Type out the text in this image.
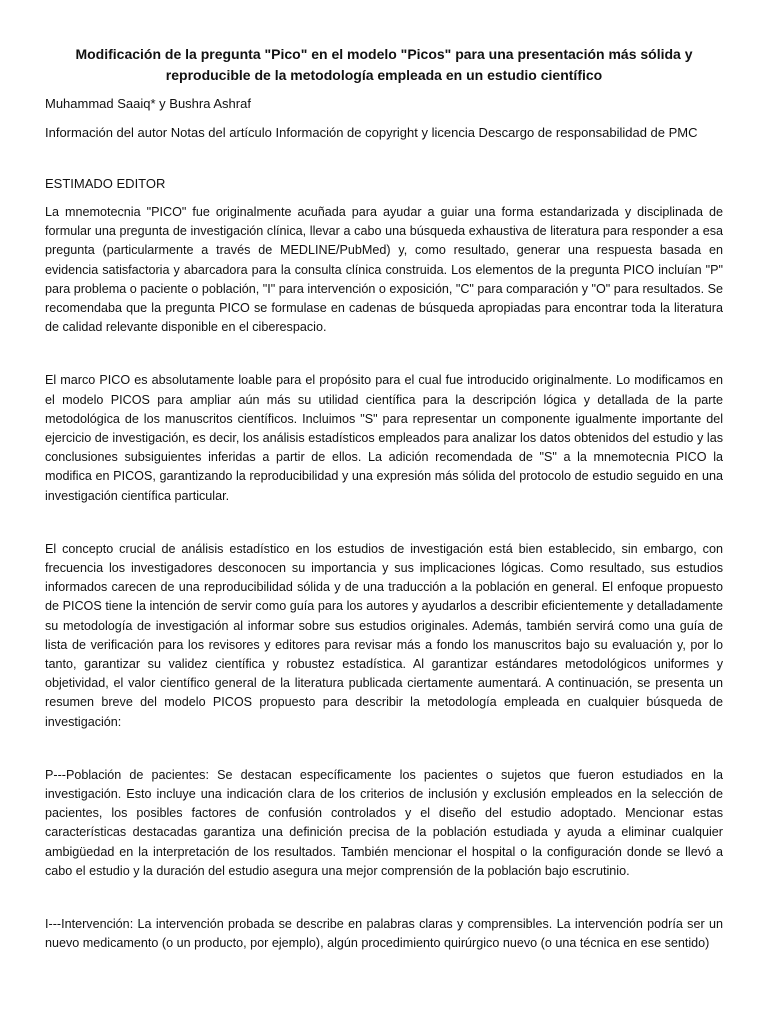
Modificación de la pregunta "Pico" en el modelo "Picos" para una presentación más sólida y reproducible de la metodología empleada en un estudio científico
Muhammad Saaiq* y Bushra Ashraf
Información del autor Notas del artículo Información de copyright y licencia Descargo de responsabilidad de PMC
ESTIMADO EDITOR

La mnemotecnia "PICO" fue originalmente acuñada para ayudar a guiar una forma estandarizada y disciplinada de formular una pregunta de investigación clínica, llevar a cabo una búsqueda exhaustiva de literatura para responder a esa pregunta (particularmente a través de MEDLINE/PubMed) y, como resultado, generar una respuesta basada en evidencia satisfactoria y abarcadora para la consulta clínica construida. Los elementos de la pregunta PICO incluían "P" para problema o paciente o población, "I" para intervención o exposición, "C" para comparación y "O" para resultados. Se recomendaba que la pregunta PICO se formulase en cadenas de búsqueda apropiadas para encontrar toda la literatura de calidad relevante disponible en el ciberespacio.

El marco PICO es absolutamente loable para el propósito para el cual fue introducido originalmente. Lo modificamos en el modelo PICOS para ampliar aún más su utilidad científica para la descripción lógica y detallada de la parte metodológica de los manuscritos científicos. Incluimos "S" para representar un componente igualmente importante del ejercicio de investigación, es decir, los análisis estadísticos empleados para analizar los datos obtenidos del estudio y las conclusiones subsiguientes inferidas a partir de ellos. La adición recomendada de "S" a la mnemotecnia PICO la modifica en PICOS, garantizando la reproducibilidad y una expresión más sólida del protocolo de estudio seguido en una investigación científica particular.

El concepto crucial de análisis estadístico en los estudios de investigación está bien establecido, sin embargo, con frecuencia los investigadores desconocen su importancia y sus implicaciones lógicas. Como resultado, sus estudios informados carecen de una reproducibilidad sólida y de una traducción a la población en general. El enfoque propuesto de PICOS tiene la intención de servir como guía para los autores y ayudarlos a describir eficientemente y detalladamente su metodología de investigación al informar sobre sus estudios originales. Además, también servirá como una guía de lista de verificación para los revisores y editores para revisar más a fondo los manuscritos bajo su evaluación y, por lo tanto, garantizar su validez científica y robustez estadística. Al garantizar estándares metodológicos uniformes y objetividad, el valor científico general de la literatura publicada ciertamente aumentará. A continuación, se presenta un resumen breve del modelo PICOS propuesto para describir la metodología empleada en cualquier búsqueda de investigación:

P---Población de pacientes: Se destacan específicamente los pacientes o sujetos que fueron estudiados en la investigación. Esto incluye una indicación clara de los criterios de inclusión y exclusión empleados en la selección de pacientes, los posibles factores de confusión controlados y el diseño del estudio adoptado. Mencionar estas características destacadas garantiza una definición precisa de la población estudiada y ayuda a eliminar cualquier ambigüedad en la interpretación de los resultados. También mencionar el hospital o la configuración donde se llevó a cabo el estudio y la duración del estudio asegura una mejor comprensión de la población bajo escrutinio.

I---Intervención: La intervención probada se describe en palabras claras y comprensibles. La intervención podría ser un nuevo medicamento (o un producto, por ejemplo), algún procedimiento quirúrgico nuevo (o una técnica en ese sentido)
